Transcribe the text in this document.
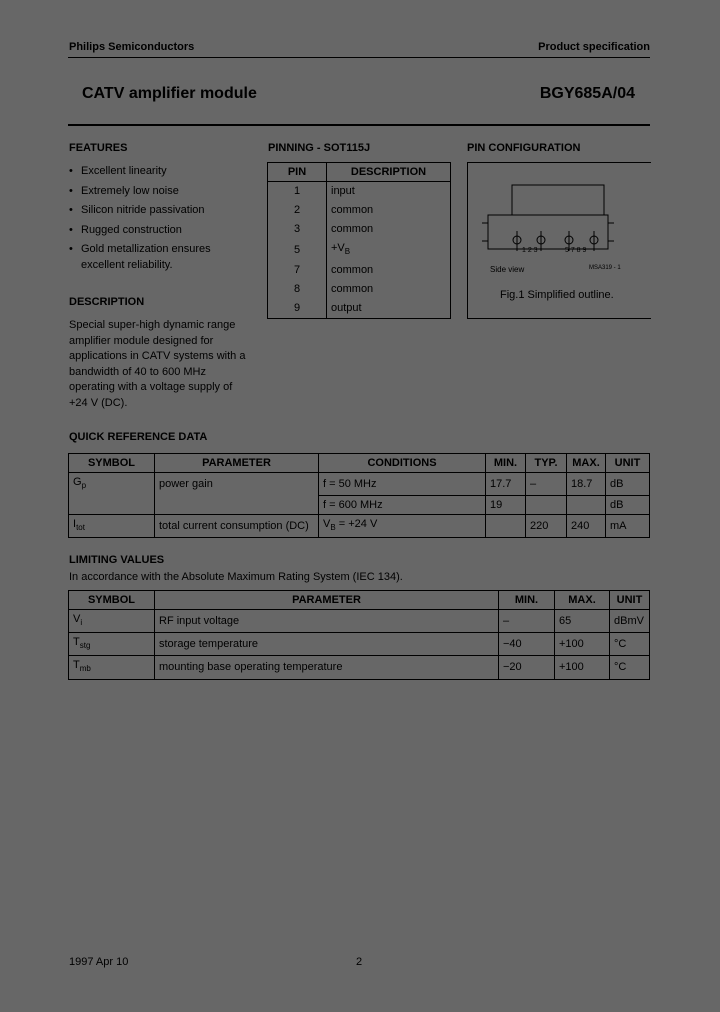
Philips Semiconductors	Product specification
CATV amplifier module	BGY685A/04
FEATURES
• Excellent linearity
• Extremely low noise
• Silicon nitride passivation
• Rugged construction
• Gold metallization ensures
excellent reliability.
DESCRIPTION
Special super-high dynamic range
amplifier module designed for
applications in CATV systems with a
bandwidth of 40 to 600 MHz
operating with a voltage supply of
+24 V (DC).
PINNING - SOT115J
PIN	DESCRIPTION
1	input
2	common
3	common
5	$+V_B$
7	common
8	common
9	output
PIN CONFIGURATION
1 2 3	5 7 8 9
Side view	MSA319 - 1
Fig.1 Simplified outline.
QUICK REFERENCE DATA
SYMBOL	PARAMETER	CONDITIONS	MIN.	TYP.	MAX.	UNIT
$G_p$	power gain	f = 50 MHz	17.7	–	18.7	dB
		f = 600 MHz	19			dB
$I_{tot}$	total current consumption (DC)	$V_B = +24$ V		220	240	mA
LIMITING VALUES
In accordance with the Absolute Maximum Rating System (IEC 134).
SYMBOL	PARAMETER	MIN.	MAX.	UNIT
$V_i$	RF input voltage	–	65	dBmV
$T_{stg}$	storage temperature	−40	+100	°C
$T_{mb}$	mounting base operating temperature	−20	+100	°C
1997 Apr 10	2
